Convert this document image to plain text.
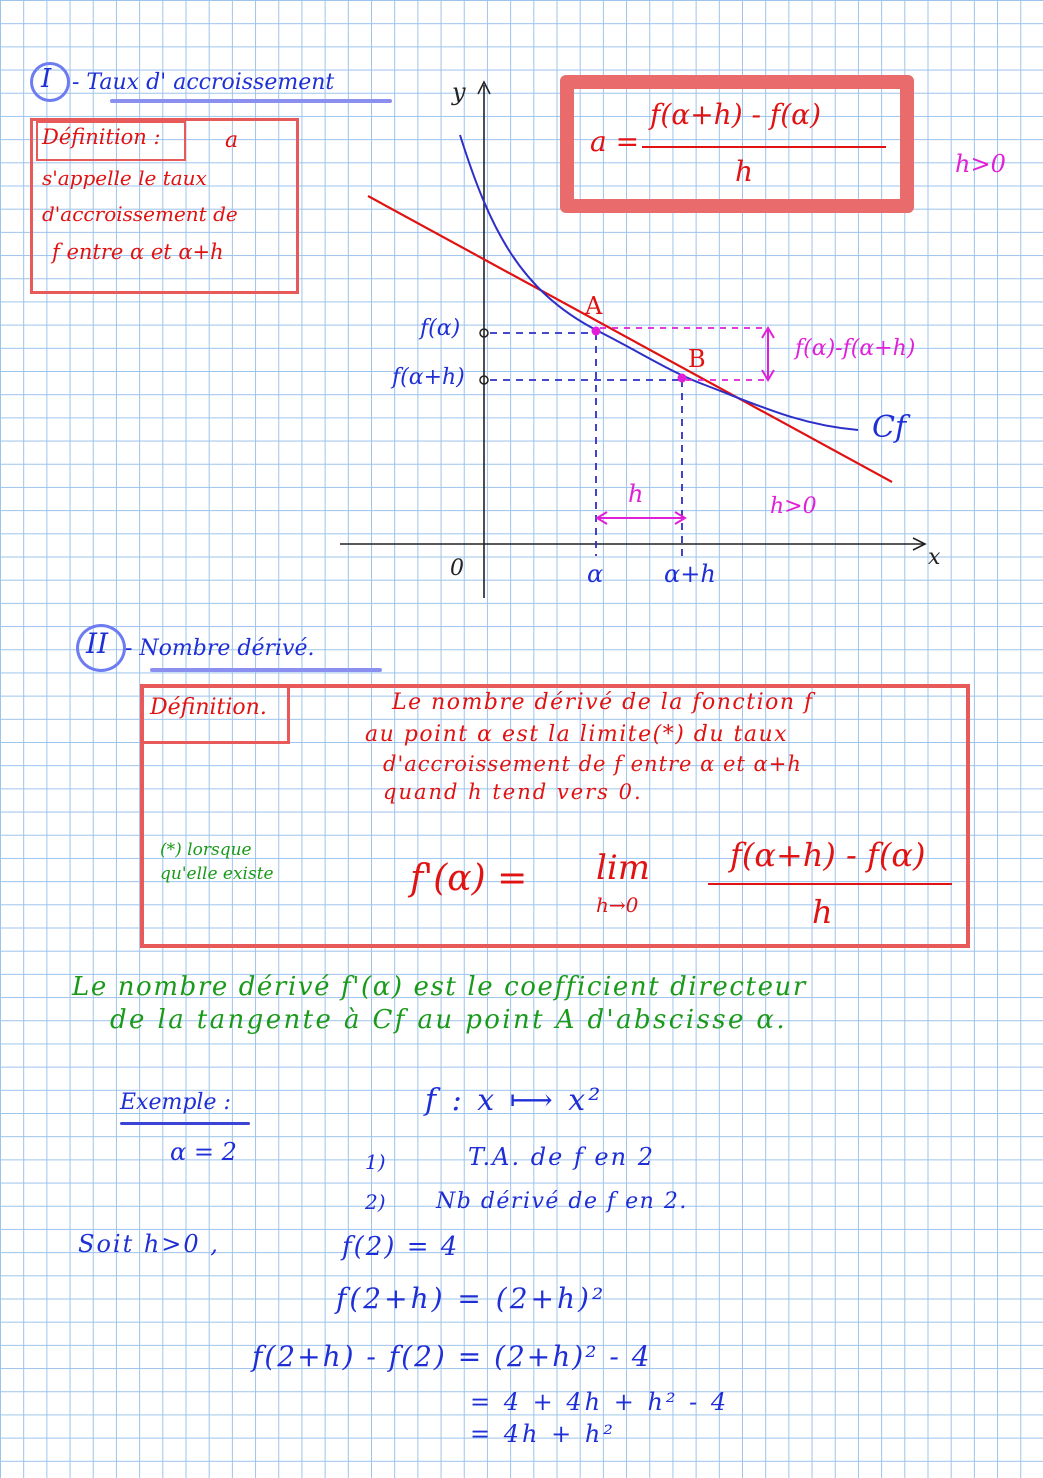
I - Taux d' accroissement
Définition :	a
s'appelle le taux
d'accroissement de
f entre α et α+h
a =
f(α+h) - f(α)
h	h>0
y
x
0
A
B
f(α)
f(α+h)
f(α)-f(α+h)
Cf
h	h>0
α	α+h
II - Nombre dérivé.
Définition.	Le nombre dérivé de la fonction f
au point α est la limite(*) du taux
d'accroissement de f entre α et α+h
quand h tend vers 0.
(*) lorsque
qu'elle existe	f'(α) = lim
h→0
f(α+h) - f(α)
h
Le nombre dérivé f'(α) est le coefficient directeur
de la tangente à Cf au point A d'abscisse α.
Exemple :	f : x ⟼ x²
α = 2	1)	T.A. de f en 2
2) Nb dérivé de f en 2.
Soit h>0 ,	f(2) = 4
f(2+h) = (2+h)²
f(2+h) - f(2) = (2+h)² - 4
= 4 + 4h + h² - 4
= 4h + h²
